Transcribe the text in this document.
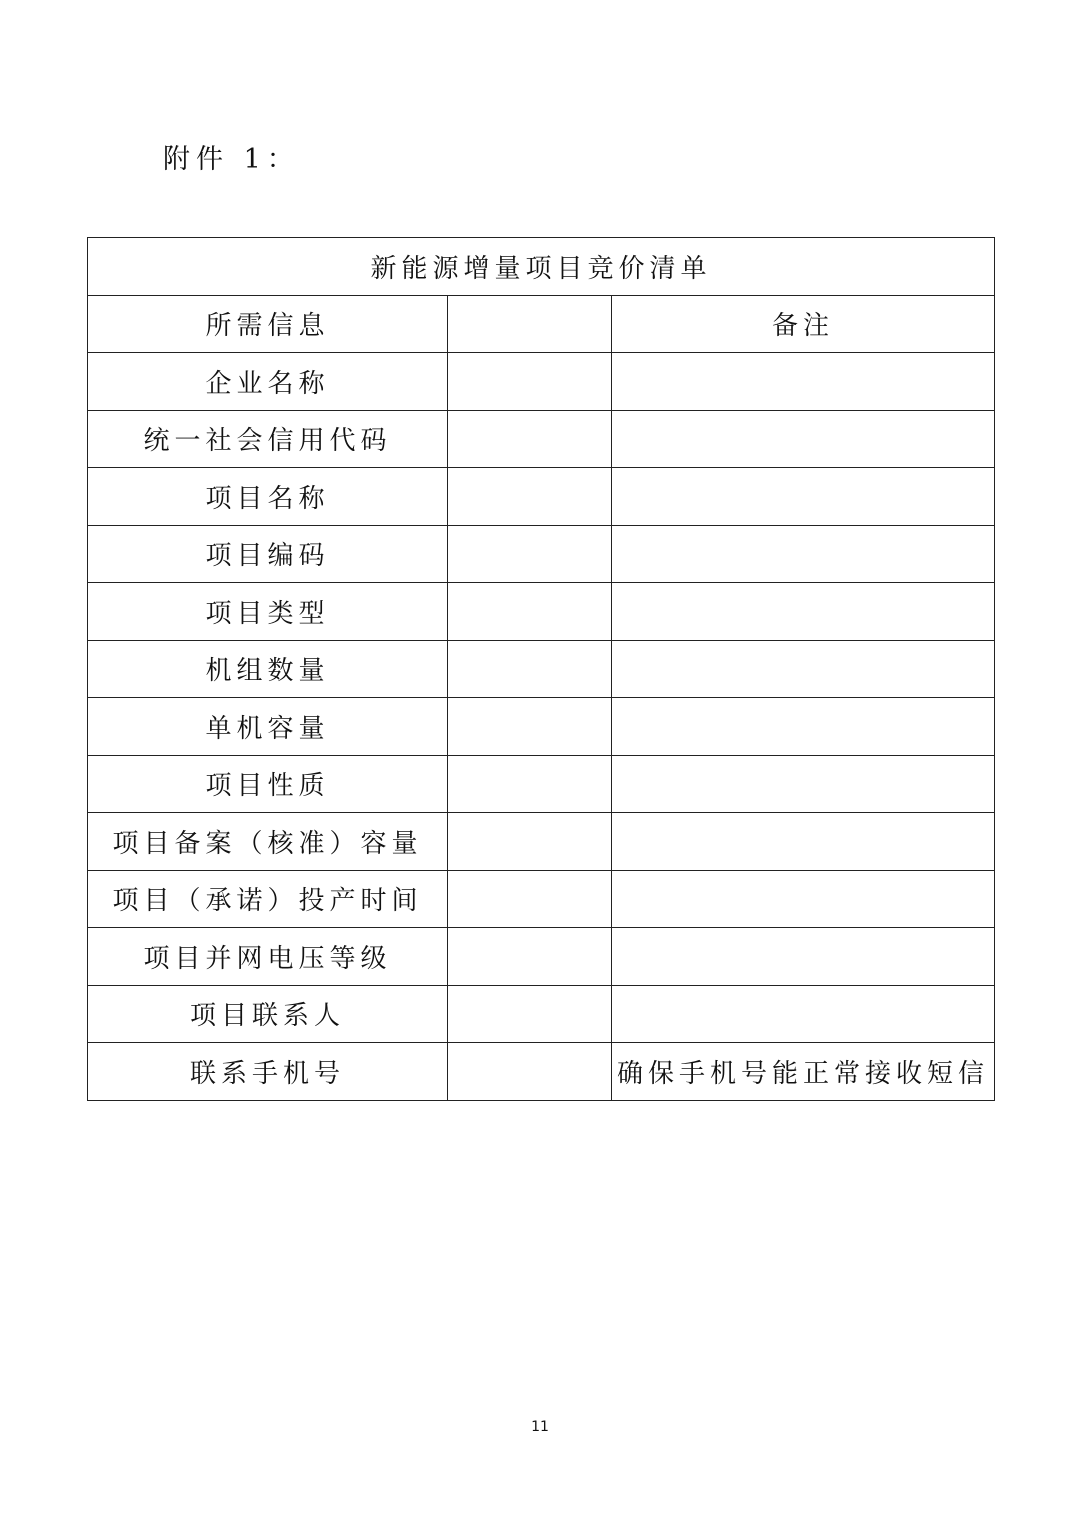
附件 1：
新能源增量项目竞价清单		
所需信息		备注
企业名称		
统一社会信用代码		
项目名称		
项目编码		
项目类型		
机组数量		
单机容量		
项目性质		
项目备案（核准）容量		
项目（承诺）投产时间		
项目并网电压等级		
项目联系人		
联系手机号		确保手机号能正常接收短信
11
